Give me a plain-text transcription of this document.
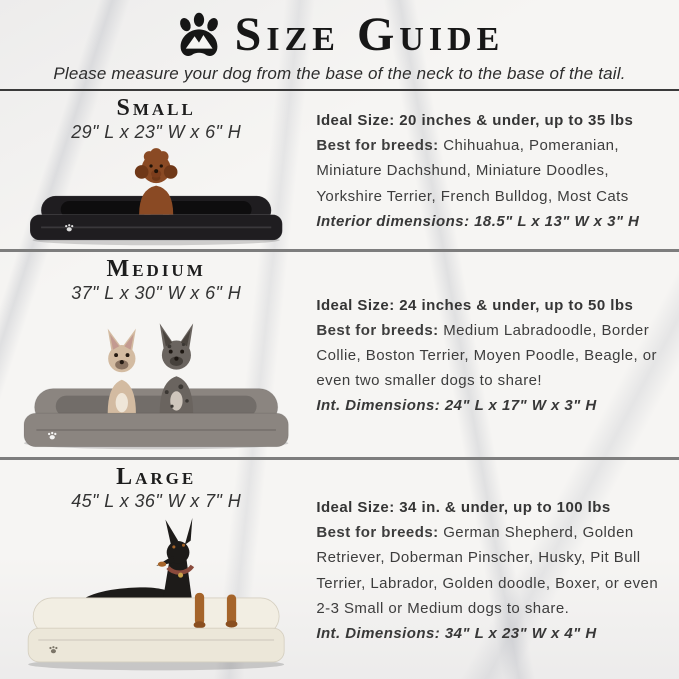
Size Guide

Please measure your dog from the base of the neck to the base of the tail.

Small
29" L x 23" W x 6" H

Ideal Size: 20 inches & under, up to 35 lbs

Best for breeds: Chihuahua, Pomeranian, Miniature Dachshund, Miniature Doodles, Yorkshire Terrier, French Bulldog, Most Cats

Interior dimensions: 18.5" L x 13" W x 3" H

Medium
37" L x 30" W x 6" H

Ideal Size: 24 inches & under, up to 50 lbs

Best for breeds: Medium Labradoodle, Border Collie, Boston Terrier, Moyen Poodle, Beagle, or even two smaller dogs to share!

Int. Dimensions: 24" L x 17" W x 3" H

Large
45" L x 36" W x 7" H	Ideal Size: 34 in. & under, up to 100 lbs

Best for breeds: German Shepherd, Golden Retriever, Doberman Pinscher, Husky, Pit Bull Terrier, Labrador, Golden doodle, Boxer, or even 2-3 Small or Medium dogs to share.

Int. Dimensions: 34" L x 23" W x 4" H
